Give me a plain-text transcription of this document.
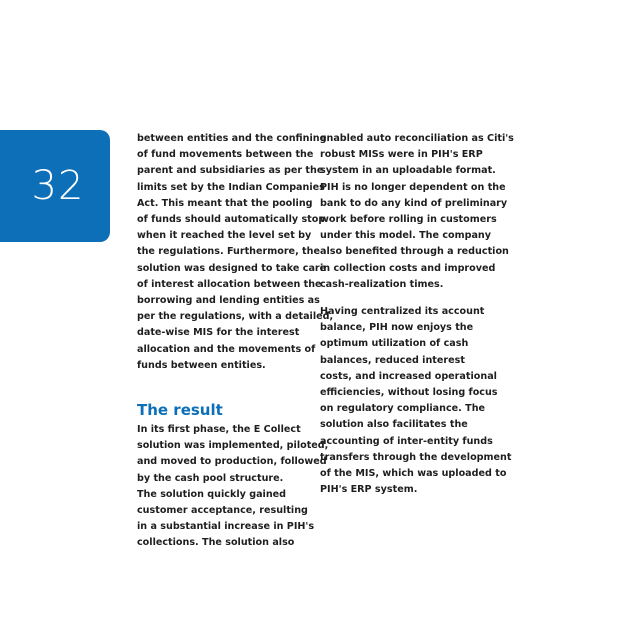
32

between entities and the confining
of fund movements between the
parent and subsidiaries as per the
limits set by the Indian Companies
Act. This meant that the pooling
of funds should automatically stop
when it reached the level set by
the regulations. Furthermore, the
solution was designed to take care
of interest allocation between the
borrowing and lending entities as
per the regulations, with a detailed,
date-wise MIS for the interest
allocation and the movements of
funds between entities.

The result

In its first phase, the E Collect
solution was implemented, piloted,
and moved to production, followed
by the cash pool structure.
The solution quickly gained
customer acceptance, resulting
in a substantial increase in PIH's
collections. The solution also

enabled auto reconciliation as Citi's
robust MISs were in PIH's ERP
system in an uploadable format.
PIH is no longer dependent on the
bank to do any kind of preliminary
work before rolling in customers
under this model. The company
also benefited through a reduction
in collection costs and improved
cash-realization times.

Having centralized its account
balance, PIH now enjoys the
optimum utilization of cash
balances, reduced interest
costs, and increased operational
efficiencies, without losing focus
on regulatory compliance. The
solution also facilitates the
accounting of inter-entity funds
transfers through the development
of the MIS, which was uploaded to
PIH's ERP system.
